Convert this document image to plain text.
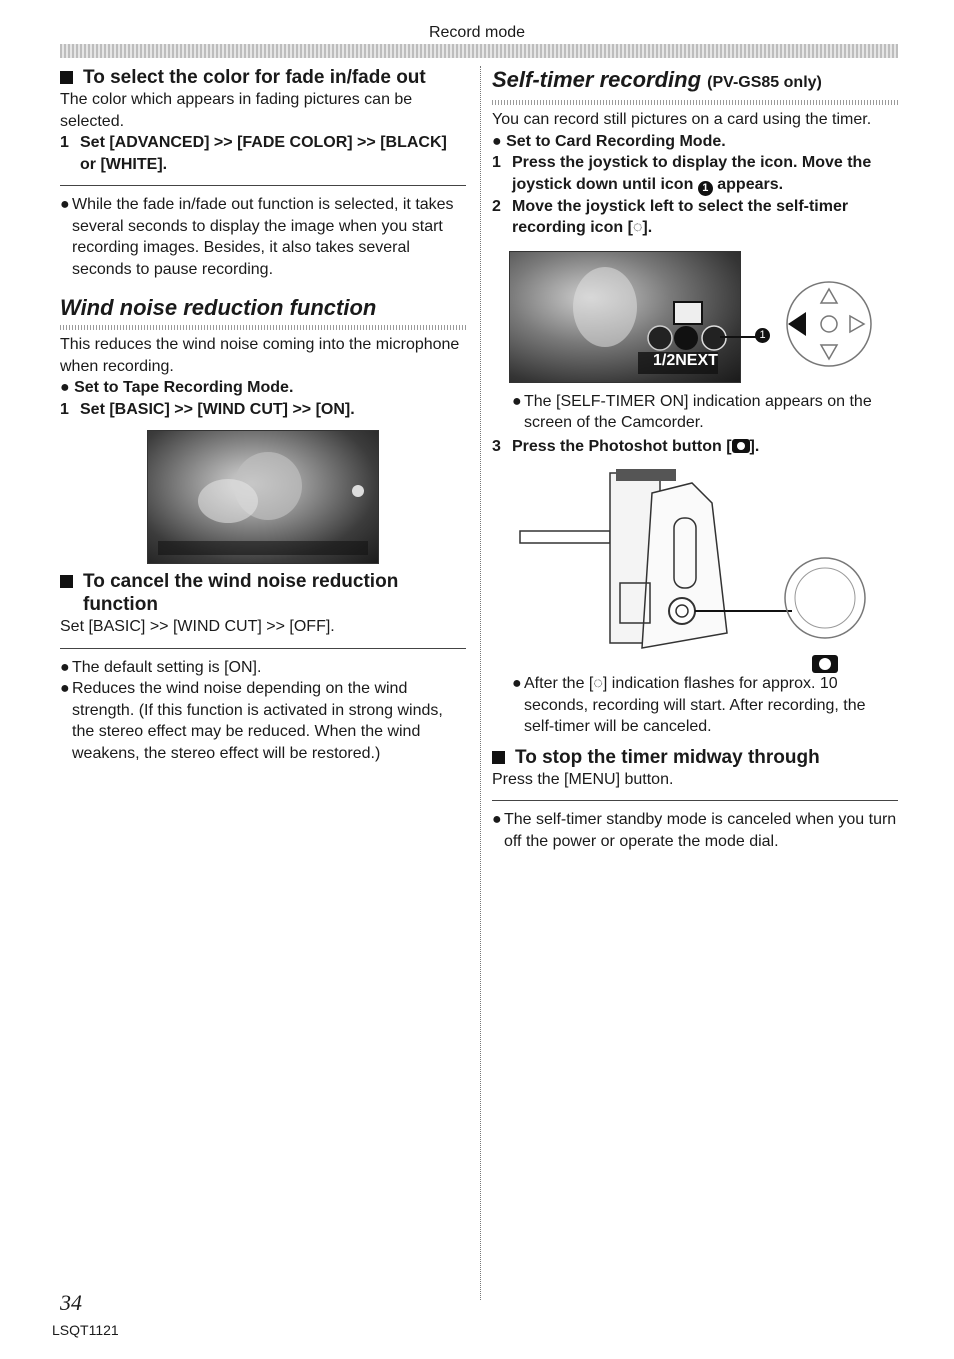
Record mode
To select the color for fade in/fade out

The color which appears in fading pictures can be selected.

1 Set [ADVANCED] >> [FADE COLOR] >> [BLACK] or [WHITE].
● While the fade in/fade out function is selected, it takes several seconds to display the image when you start recording images. Besides, it also takes several seconds to pause recording.
Wind noise reduction function

This reduces the wind noise coming into the microphone when recording.

● Set to Tape Recording Mode.
1 Set [BASIC] >> [WIND CUT] >> [ON].
To cancel the wind noise reduction function

Set [BASIC] >> [WIND CUT] >> [OFF].

● The default setting is [ON].
● Reduces the wind noise depending on the wind strength. (If this function is activated in strong winds, the stereo effect may be reduced. When the wind weakens, the stereo effect will be restored.)
Self-timer recording (PV-GS85 only)

You can record still pictures on a card using the timer.

● Set to Card Recording Mode.
1 Press the joystick to display the icon. Move the joystick down until icon 1 appears.
2 Move the joystick left to select the self-timer recording icon [◌].
1/2NEXT
1
● The [SELF-TIMER ON] indication appears on the screen of the Camcorder.
3 Press the Photoshot button [ ].
● After the [◌] indication flashes for approx. 10 seconds, recording will start. After recording, the self-timer will be canceled.
To stop the timer midway through

Press the [MENU] button.

● The self-timer standby mode is canceled when you turn off the power or operate the mode dial.
34
LSQT1121
